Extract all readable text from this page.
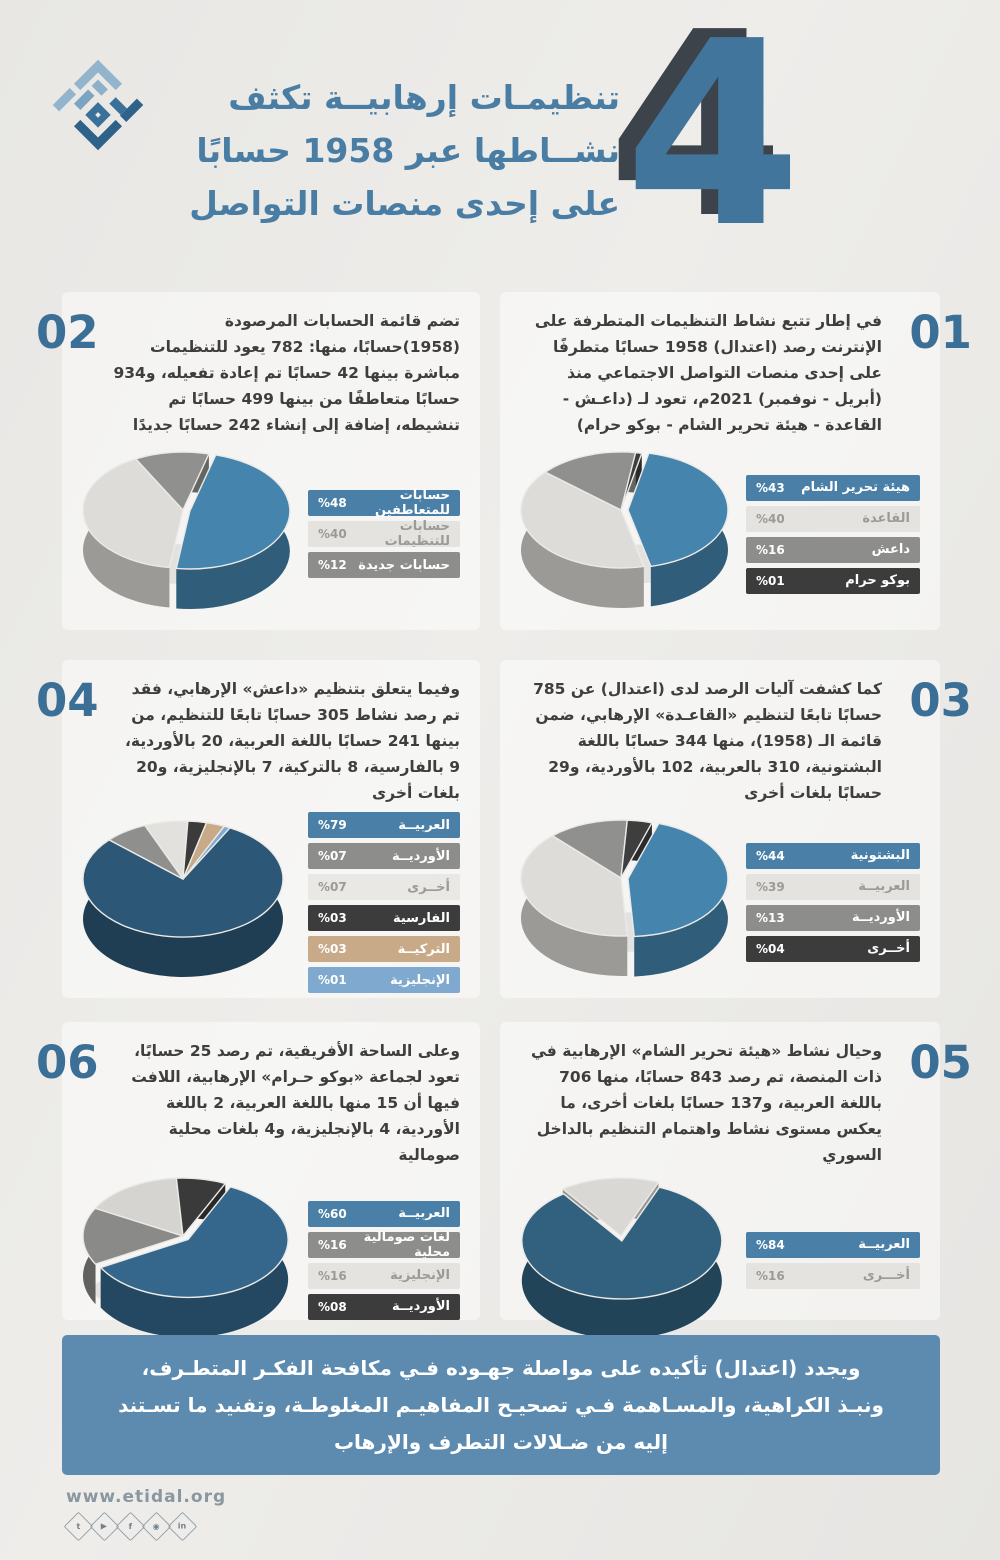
4
تنظيمـات إرهابيــة تكثف
نشــاطها عبر 1958 حسابًا
على إحدى منصات التواصل
01

في إطار تتبع نشاط التنظيمات المتطرفة على الإنترنت رصد (اعتدال) 1958 حسابًا متطرفًا على إحدى منصات التواصل الاجتماعي منذ (أبريل - نوفمبر) 2021م، تعود لـ (داعـش - القاعدة - هيئة تحرير الشام - بوكو حرام)

هيئة تحرير الشام
%43
القاعدة
%40
داعش
%16
بوكو حرام
%01
02	تضم قائمة الحسابات المرصودة (1958)حسابًا، منها: 782 يعود للتنظيمات مباشرة بينها 42 حسابًا تم إعادة تفعيله، و934 حسابًا متعاطفًا من بينها 499 حسابًا تم تنشيطه، إضافة إلى إنشاء 242 حسابًا جديدًا

حسابات للمتعاطفين
%48
حسابات للتنظيمات
%40
حسابات جديدة
%12
03

كما كشفت آليات الرصد لدى (اعتدال) عن 785 حسابًا تابعًا لتنظيم «القاعـدة» الإرهابي، ضمن قائمة الـ (1958)، منها 344 حسابًا باللغة البشتونية، 310 بالعربية، 102 بالأوردية، و29 حسابًا بلغات أخرى

البشتونية
%44
العربيــة
%39
الأورديــة
%13
أخــرى
%04
04	وفيما يتعلق بتنظيم «داعش» الإرهابي، فقد تم رصد نشاط 305 حسابًا تابعًا للتنظيم، من بينها 241 حسابًا باللغة العربية، 20 بالأوردية، 9 بالفارسية، 8 بالتركية، 7 بالإنجليزية، و20 بلغات أخرى

العربيــة
%79
الأورديــة
%07
أخــرى
%07
الفارسية
%03
التركيــة
%03
الإنجليزية
%01
05

وحيال نشاط «هيئة تحرير الشام» الإرهابية في ذات المنصة، تم رصد 843 حسابًا، منها 706 باللغة العربية، و137 حسابًا بلغات أخرى، ما يعكس مستوى نشاط واهتمام التنظيم بالداخل السوري

العربيــة
%84
أخـــرى
%16
06	وعلى الساحة الأفريقية، تم رصد 25 حسابًا، تعود لجماعة «بوكو حـرام» الإرهابية، اللافت فيها أن 15 منها باللغة العربية، 2 باللغة الأوردية، 4 بالإنجليزية، و4 بلغات محلية صومالية

العربيــة
%60
لغات صومالية محلية
%16
الإنجليزية
%16
الأورديــة
%08

ويجدد (اعتدال) تأكيده على مواصلة جهـوده فـي مكافحة الفكـر المتطـرف، ونبـذ الكراهية، والمسـاهمة فـي تصحيـح المفاهيـم المغلوطـة، وتفنيد ما تسـتند إليه من ضـلالات التطرف والإرهاب

www.etidal.org
t	▶	f	◉ in
